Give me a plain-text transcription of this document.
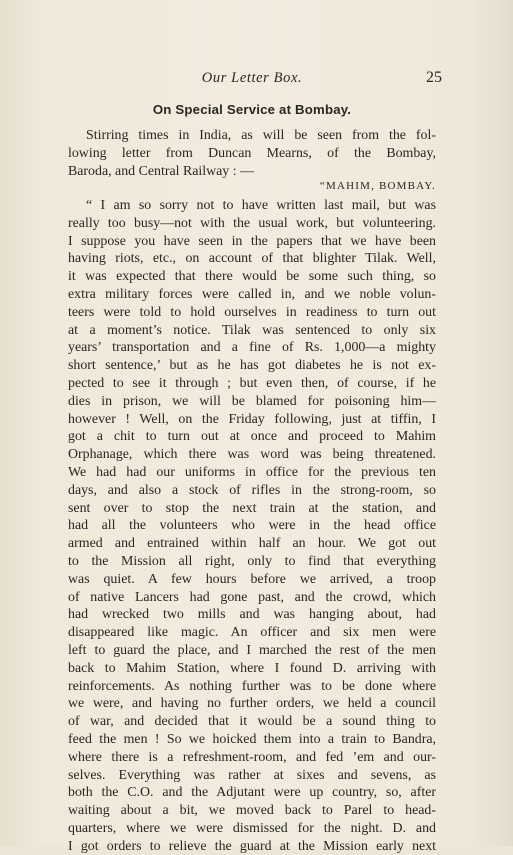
Our Letter Box.	25
On Special Service at Bombay.
Stirring times in India, as will be seen from the fol-
lowing letter from Duncan Mearns, of the Bombay,
Baroda, and Central Railway : —
“MAHIM, BOMBAY.
“ I am so sorry not to have written last mail, but was
really too busy—not with the usual work, but volunteering.
I suppose you have seen in the papers that we have been
having riots, etc., on account of that blighter Tilak. Well,
it was expected that there would be some such thing, so
extra military forces were called in, and we noble volun-
teers were told to hold ourselves in readiness to turn out
at a moment’s notice. Tilak was sentenced to only six
years’ transportation and a fine of Rs. 1,000—a mighty
short sentence,’ but as he has got diabetes he is not ex-
pected to see it through ; but even then, of course, if he
dies in prison, we will be blamed for poisoning him—
however ! Well, on the Friday following, just at tiffin, I
got a chit to turn out at once and proceed to Mahim
Orphanage, which there was word was being threatened.
We had had our uniforms in office for the previous ten
days, and also a stock of rifles in the strong-room, so
sent over to stop the next train at the station, and
had all the volunteers who were in the head office
armed and entrained within half an hour. We got out
to the Mission all right, only to find that everything
was quiet. A few hours before we arrived, a troop
of native Lancers had gone past, and the crowd, which
had wrecked two mills and was hanging about, had
disappeared like magic. An officer and six men were
left to guard the place, and I marched the rest of the men
back to Mahim Station, where I found D. arriving with
reinforcements. As nothing further was to be done where
we were, and having no further orders, we held a council
of war, and decided that it would be a sound thing to
feed the men ! So we hoicked them into a train to Bandra,
where there is a refreshment-room, and fed ’em and our-
selves. Everything was rather at sixes and sevens, as
both the C.O. and the Adjutant were up country, so, after
waiting about a bit, we moved back to Parel to head-
quarters, where we were dismissed for the night. D. and
I got orders to relieve the guard at the Mission early next
